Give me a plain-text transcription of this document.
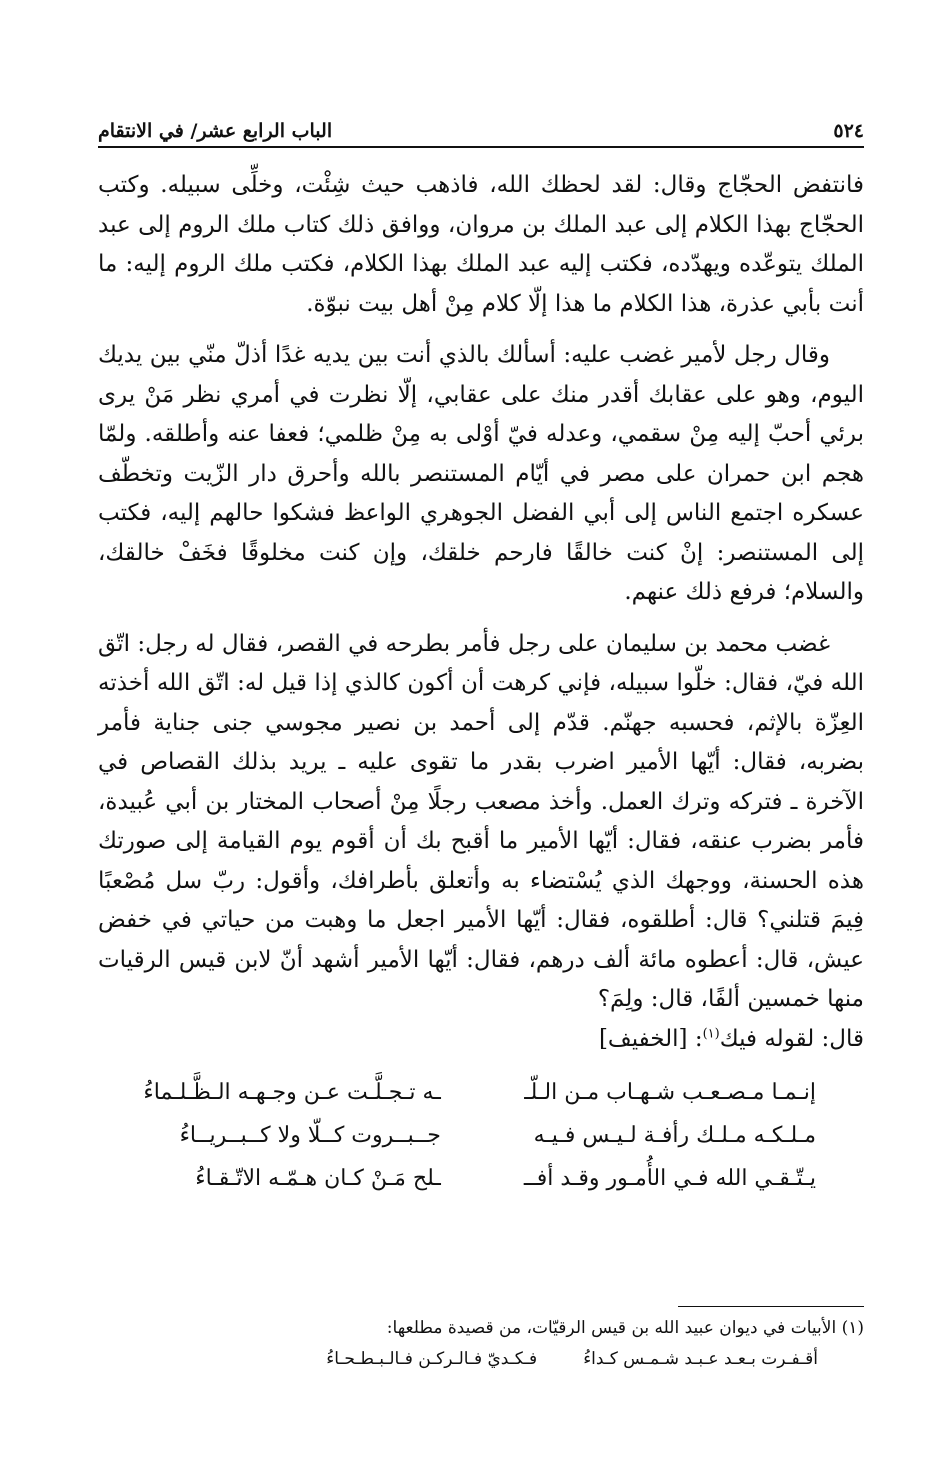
٥٢٤
الباب الرابع عشر/ في الانتقام

فانتفض الحجّاج وقال: لقد لحظك الله، فاذهب حيث شِئْت، وخلِّى سبيله. وكتب الحجّاج بهذا الكلام إلى عبد الملك بن مروان، ووافق ذلك كتاب ملك الروم إلى عبد الملك يتوعّده ويهدّده، فكتب إليه عبد الملك بهذا الكلام، فكتب ملك الروم إليه: ما أنت بأبي عذرة، هذا الكلام ما هذا إلّا كلام مِنْ أهل بيت نبوّة.

وقال رجل لأمير غضب عليه: أسألك بالذي أنت بين يديه غدًا أذلّ منّي بين يديك اليوم، وهو على عقابك أقدر منك على عقابي، إلّا نظرت في أمري نظر مَنْ يرى برئي أحبّ إليه مِنْ سقمي، وعدله فيّ أوْلى به مِنْ ظلمي؛ فعفا عنه وأطلقه. ولمّا هجم ابن حمران على مصر في أيّام المستنصر بالله وأحرق دار الزّيت وتخطّف عسكره اجتمع الناس إلى أبي الفضل الجوهري الواعظ فشكوا حالهم إليه، فكتب إلى المستنصر: إنْ كنت خالقًا فارحم خلقك، وإن كنت مخلوقًا فخَفْ خالقك، والسلام؛ فرفع ذلك عنهم.

غضب محمد بن سليمان على رجل فأمر بطرحه في القصر، فقال له رجل: اتّق الله فيّ، فقال: خلّوا سبيله، فإني كرهت أن أكون كالذي إذا قيل له: اتّق الله أخذته العِزّة بالإثم، فحسبه جهنّم. قدّم إلى أحمد بن نصير مجوسي جنى جناية فأمر بضربه، فقال: أيّها الأمير اضرب بقدر ما تقوى عليه ـ يريد بذلك القصاص في الآخرة ـ فتركه وترك العمل. وأخذ مصعب رجلًا مِنْ أصحاب المختار بن أبي عُبيدة، فأمر بضرب عنقه، فقال: أيّها الأمير ما أقبح بك أن أقوم يوم القيامة إلى صورتك هذه الحسنة، ووجهك الذي يُسْتضاء به وأتعلق بأطرافك، وأقول: ربّ سل مُصْعبًا فِيمَ قتلني؟ قال: أطلقوه، فقال: أيّها الأمير اجعل ما وهبت من حياتي في خفض عيش، قال: أعطوه مائة ألف درهم، فقال: أيّها الأمير أشهد أنّ لابن قيس الرقيات منها خمسين ألفًا، قال: ولِمَ؟

قال: لقوله فيك$^{(١)}$: [الخفيف]
إنـمـا مـصـعـب شـهـاب مـن الـلّـ
ـه تـجـلَّـت عـن وجـهـه الـظَّـلـماءُ
مـلـكـه مـلـك رأفـة لـيـس فـيـه
جــبــروت كــلّا ولا كــبــريــاءُ
يـتّـقـي الله فـي الأُمـور وقـد أفــ
ـلح مَـنْ كـان هـمّـه الاتّـقـاءُ
(١) الأبيات في ديوان عبيد الله بن قيس الرقيّات، من قصيدة مطلعها:
أقـفـرت بـعـد عـبـد شـمـس كـداءُ
فـكـديّ فـالـركـن فـالـبـطـحـاءُ
